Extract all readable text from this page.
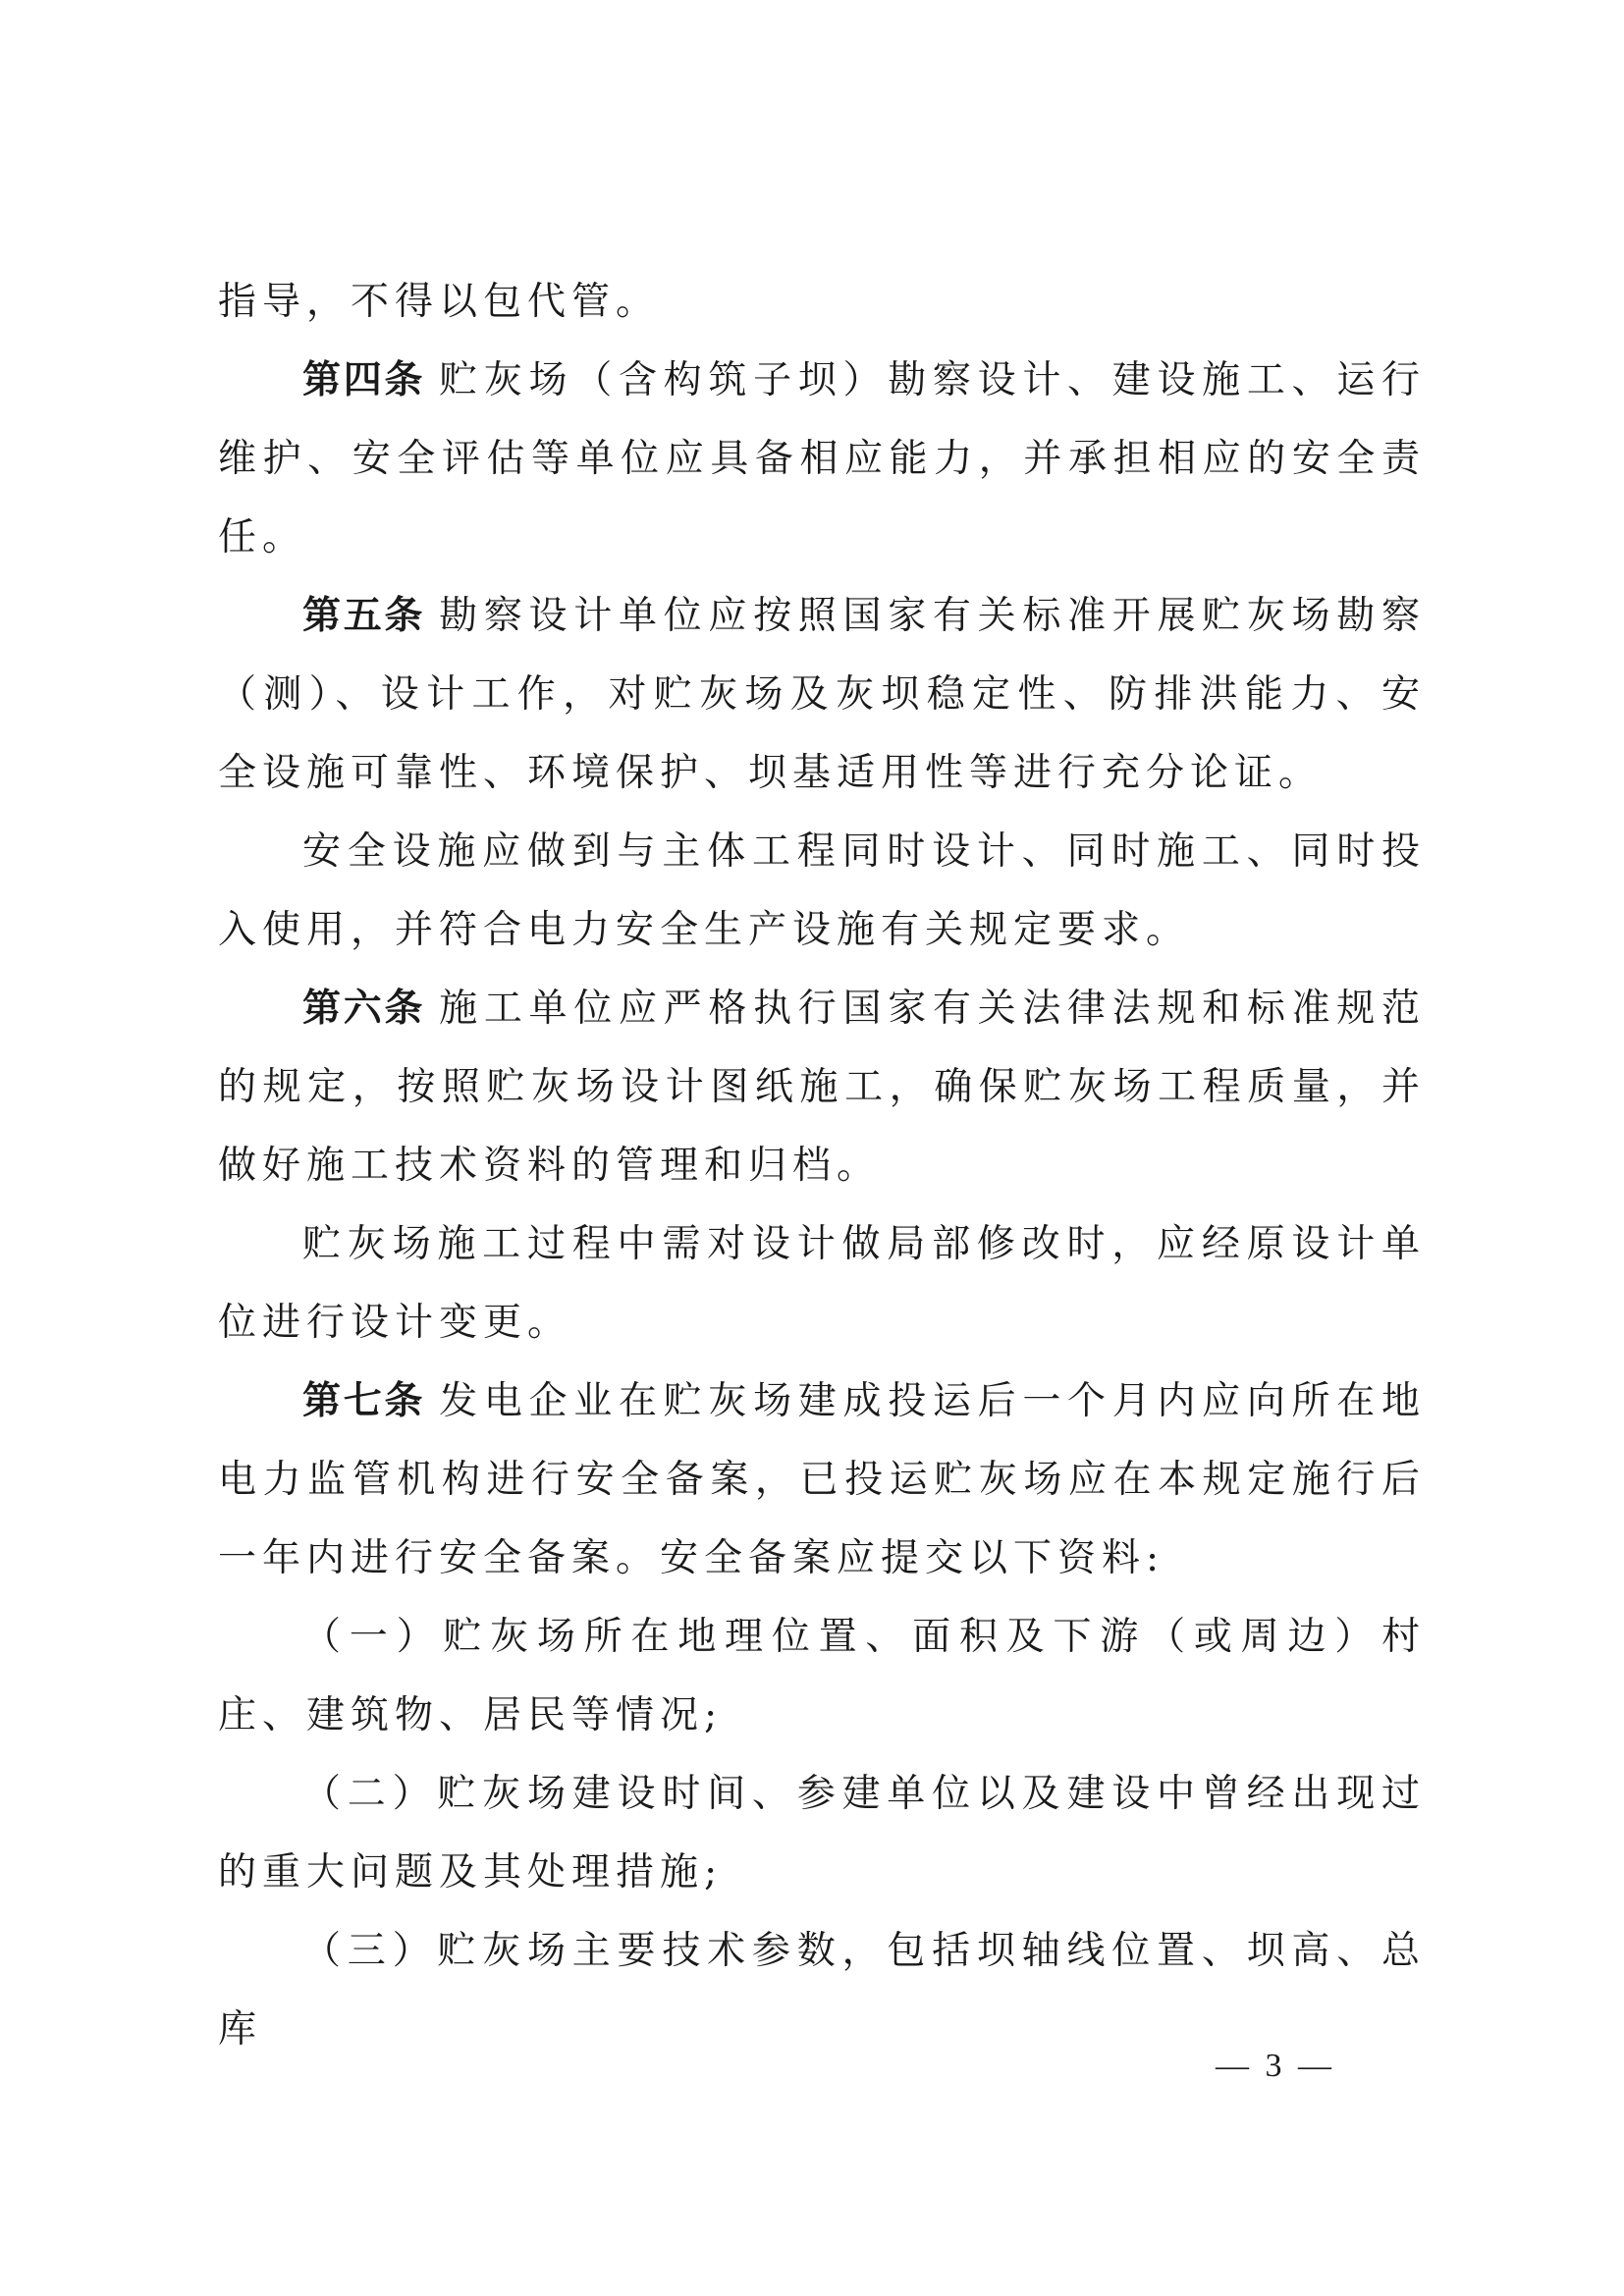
指导，不得以包代管。

第四条 贮灰场（含构筑子坝）勘察设计、建设施工、运行维护、安全评估等单位应具备相应能力，并承担相应的安全责任。

第五条 勘察设计单位应按照国家有关标准开展贮灰场勘察（测）、设计工作，对贮灰场及灰坝稳定性、防排洪能力、安全设施可靠性、环境保护、坝基适用性等进行充分论证。

安全设施应做到与主体工程同时设计、同时施工、同时投入使用，并符合电力安全生产设施有关规定要求。

第六条 施工单位应严格执行国家有关法律法规和标准规范的规定，按照贮灰场设计图纸施工，确保贮灰场工程质量，并做好施工技术资料的管理和归档。

贮灰场施工过程中需对设计做局部修改时，应经原设计单位进行设计变更。

第七条 发电企业在贮灰场建成投运后一个月内应向所在地电力监管机构进行安全备案，已投运贮灰场应在本规定施行后一年内进行安全备案。安全备案应提交以下资料:

（一）贮灰场所在地理位置、面积及下游（或周边）村庄、建筑物、居民等情况;

（二）贮灰场建设时间、参建单位以及建设中曾经出现过的重大问题及其处理措施;

（三）贮灰场主要技术参数，包括坝轴线位置、坝高、总库

— 3 —
